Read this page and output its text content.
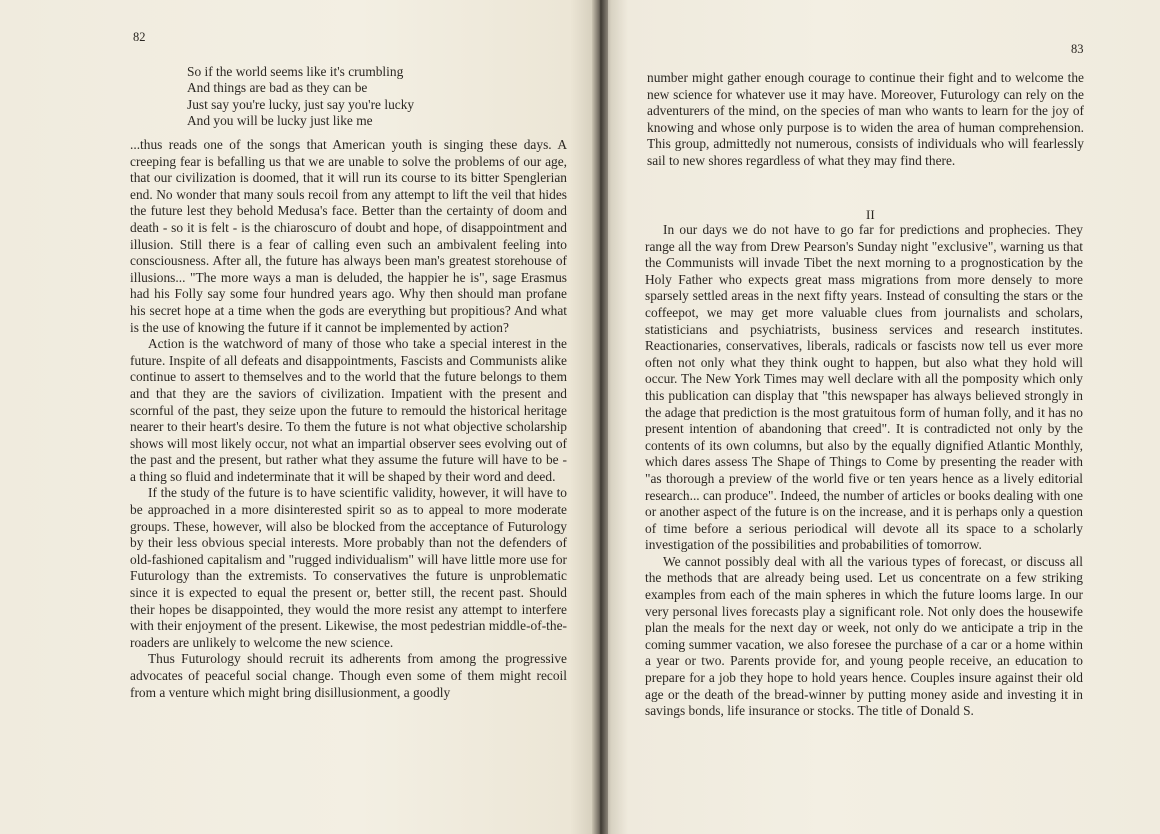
82
So if the world seems like it's crumbling
And things are bad as they can be
Just say you're lucky, just say you're lucky
And you will be lucky just like me

...thus reads one of the songs that American youth is singing these days. A creeping fear is befalling us that we are unable to solve the problems of our age, that our civilization is doomed, that it will run its course to its bitter Spenglerian end. No wonder that many souls recoil from any attempt to lift the veil that hides the future lest they behold Medusa's face. Better than the certainty of doom and death - so it is felt - is the chiaroscuro of doubt and hope, of disappointment and illusion. Still there is a fear of calling even such an ambivalent feeling into consciousness. After all, the future has always been man's greatest storehouse of illusions... "The more ways a man is deluded, the happier he is", sage Erasmus had his Folly say some four hundred years ago. Why then should man profane his secret hope at a time when the gods are everything but propitious? And what is the use of knowing the future if it cannot be implemented by action?

Action is the watchword of many of those who take a special interest in the future. Inspite of all defeats and disappointments, Fascists and Communists alike continue to assert to themselves and to the world that the future belongs to them and that they are the saviors of civilization. Impatient with the present and scornful of the past, they seize upon the future to remould the historical heritage nearer to their heart's desire. To them the future is not what objective scholarship shows will most likely occur, not what an impartial observer sees evolving out of the past and the present, but rather what they assume the future will have to be - a thing so fluid and indeterminate that it will be shaped by their word and deed.

If the study of the future is to have scientific validity, however, it will have to be approached in a more disinterested spirit so as to appeal to more moderate groups. These, however, will also be blocked from the acceptance of Futurology by their less obvious special interests. More probably than not the defenders of old-fashioned capitalism and "rugged individualism" will have little more use for Futurology than the extremists. To conservatives the future is unproblematic since it is expected to equal the present or, better still, the recent past. Should their hopes be disappointed, they would the more resist any attempt to interfere with their enjoyment of the present. Likewise, the most pedestrian middle-of-the-roaders are unlikely to welcome the new science.

Thus Futurology should recruit its adherents from among the progressive advocates of peaceful social change. Though even some of them might recoil from a venture which might bring disillusionment, a goodly

83

number might gather enough courage to continue their fight and to welcome the new science for whatever use it may have. Moreover, Futurology can rely on the adventurers of the mind, on the species of man who wants to learn for the joy of knowing and whose only purpose is to widen the area of human comprehension. This group, admittedly not numerous, consists of individuals who will fearlessly sail to new shores regardless of what they may find there.

II

In our days we do not have to go far for predictions and prophecies. They range all the way from Drew Pearson's Sunday night "exclusive", warning us that the Communists will invade Tibet the next morning to a prognostication by the Holy Father who expects great mass migrations from more densely to more sparsely settled areas in the next fifty years. Instead of consulting the stars or the coffeepot, we may get more valuable clues from journalists and scholars, statisticians and psychiatrists, business services and research institutes. Reactionaries, conservatives, liberals, radicals or fascists now tell us ever more often not only what they think ought to happen, but also what they hold will occur. The New York Times may well declare with all the pomposity which only this publication can display that "this newspaper has always believed strongly in the adage that prediction is the most gratuitous form of human folly, and it has no present intention of abandoning that creed". It is contradicted not only by the contents of its own columns, but also by the equally dignified Atlantic Monthly, which dares assess The Shape of Things to Come by presenting the reader with "as thorough a preview of the world five or ten years hence as a lively editorial research... can produce". Indeed, the number of articles or books dealing with one or another aspect of the future is on the increase, and it is perhaps only a question of time before a serious periodical will devote all its space to a scholarly investigation of the possibilities and probabilities of tomorrow.

We cannot possibly deal with all the various types of forecast, or discuss all the methods that are already being used. Let us concentrate on a few striking examples from each of the main spheres in which the future looms large. In our very personal lives forecasts play a significant role. Not only does the housewife plan the meals for the next day or week, not only do we anticipate a trip in the coming summer vacation, we also foresee the purchase of a car or a home within a year or two. Parents provide for, and young people receive, an education to prepare for a job they hope to hold years hence. Couples insure against their old age or the death of the bread-winner by putting money aside and investing it in savings bonds, life insurance or stocks. The title of Donald S.
